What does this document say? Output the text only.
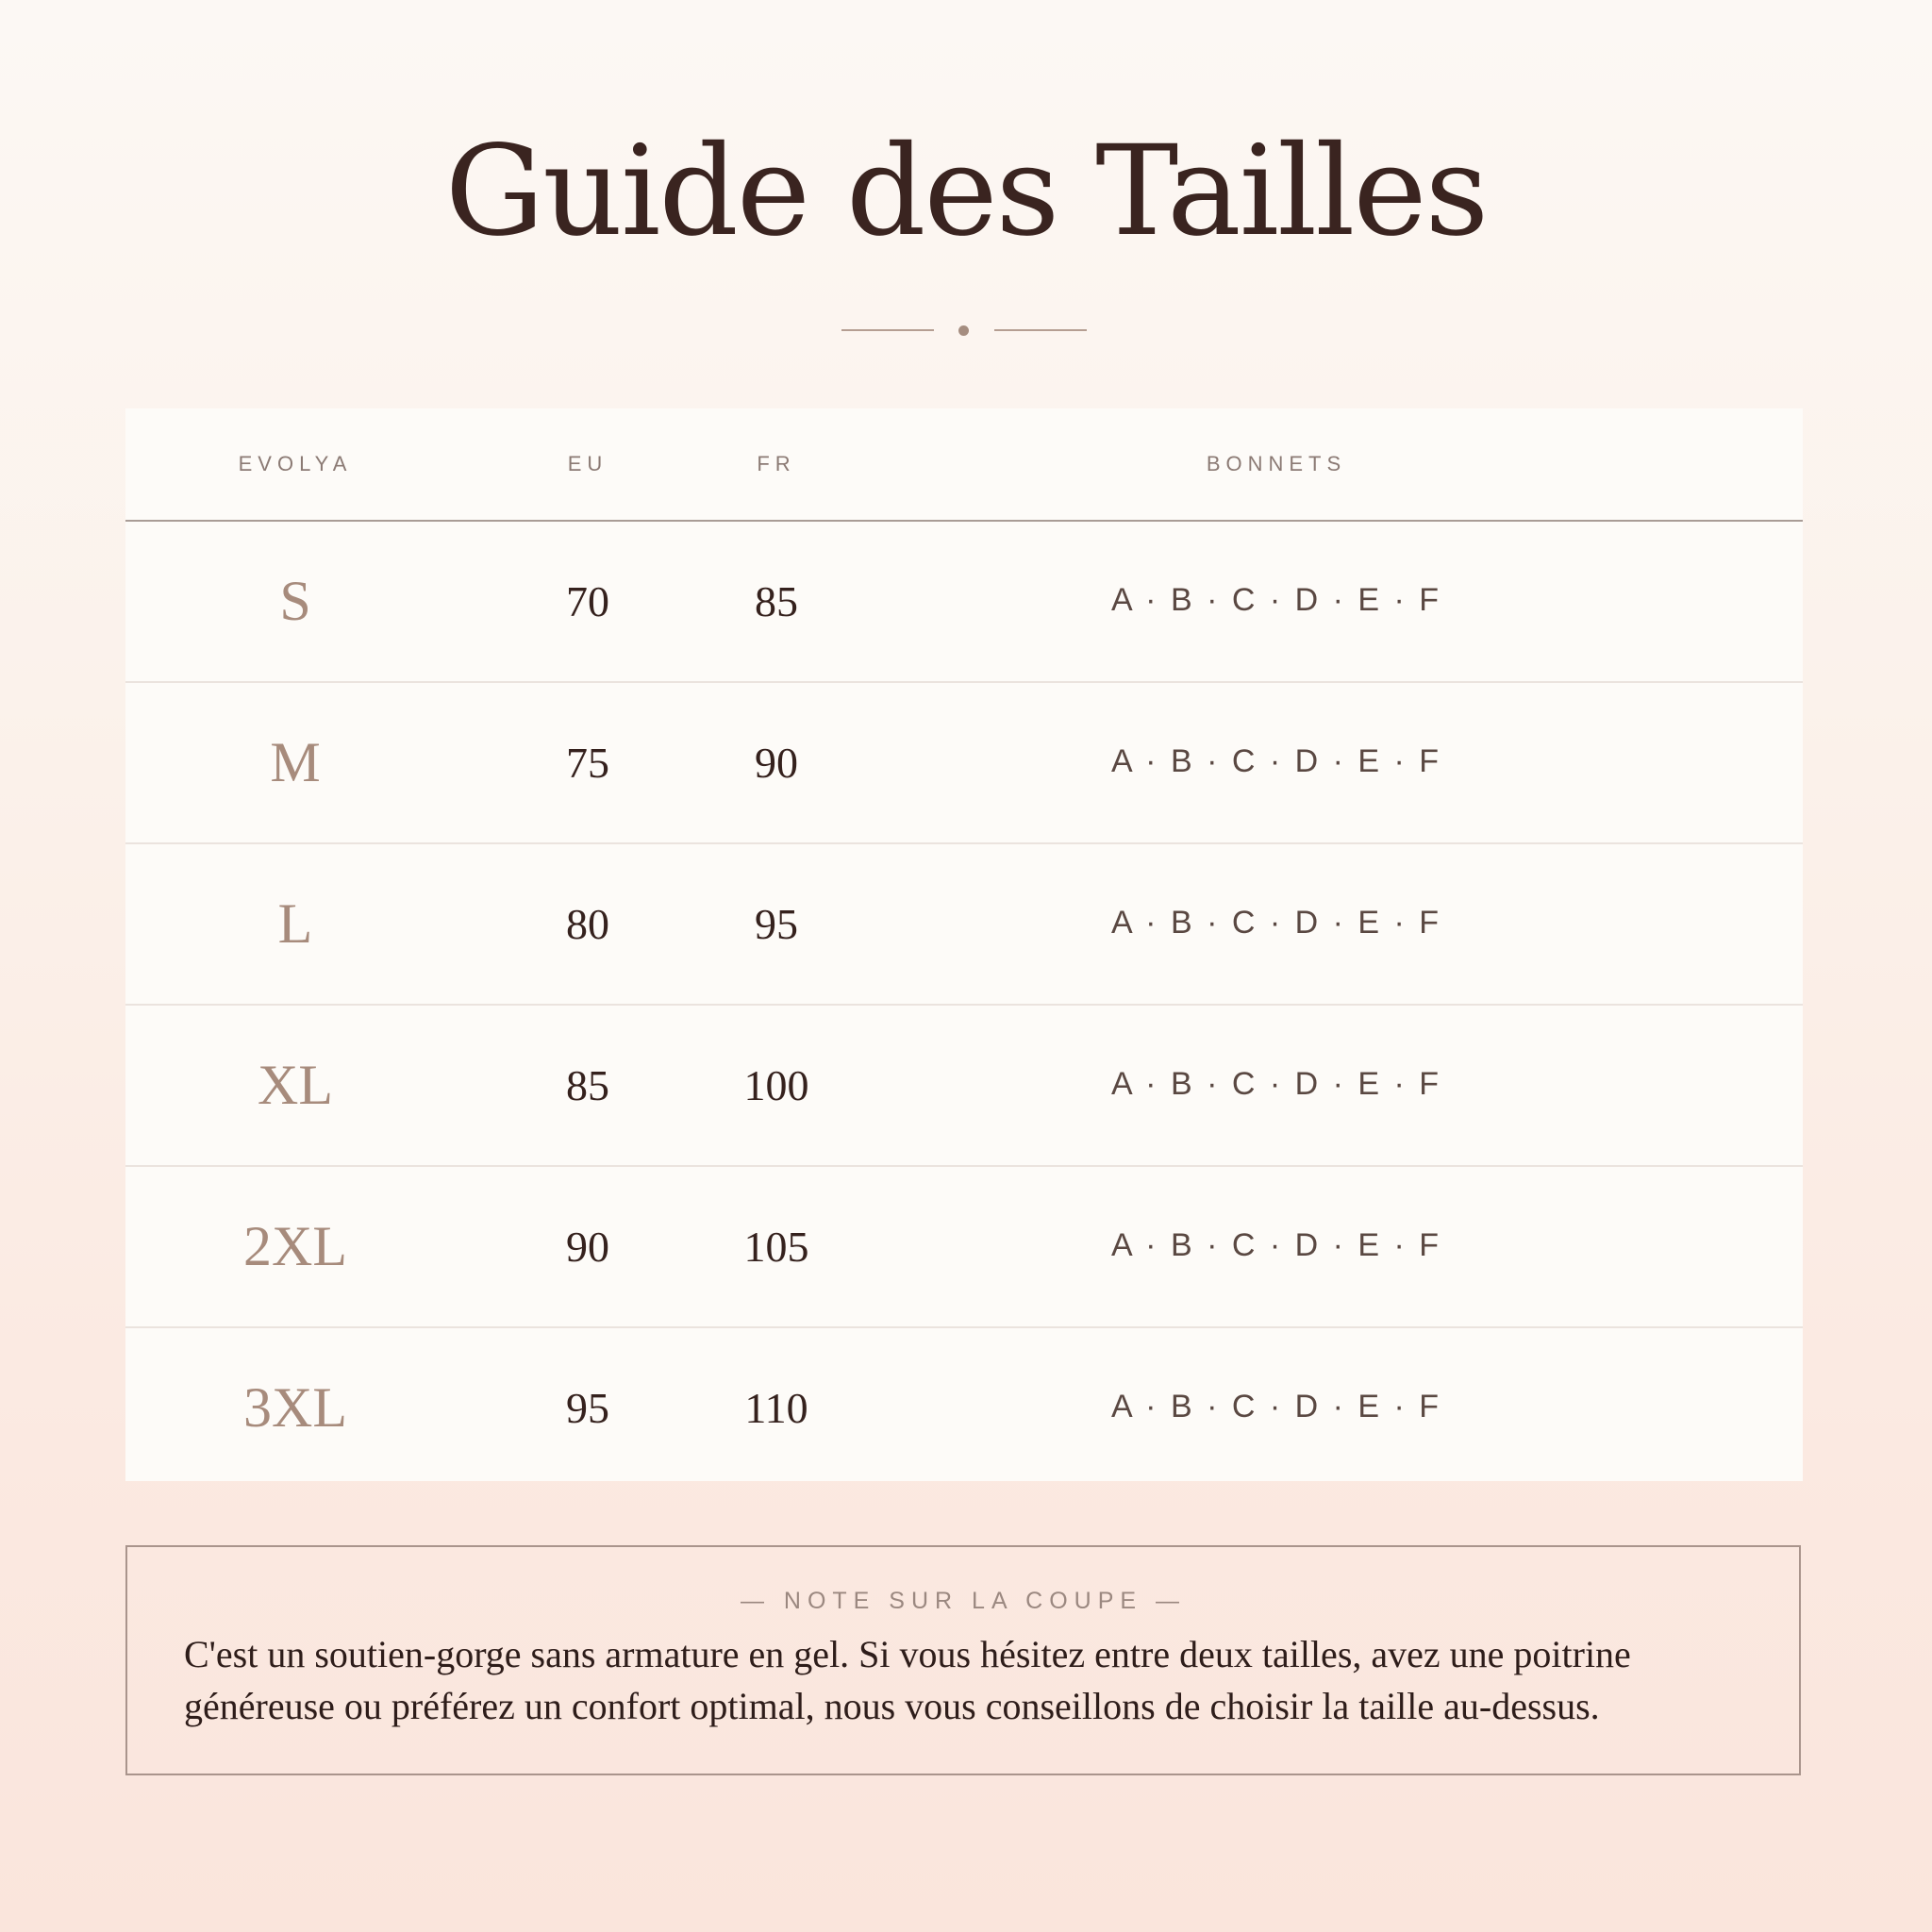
Guide des Tailles
EVOLYA	EU	FR	BONNETS
S	70	85	A · B · C · D · E · F
M	75	90	A · B · C · D · E · F
L	80	95	A · B · C · D · E · F
XL	85	100	A · B · C · D · E · F
2XL	90	105	A · B · C · D · E · F
3XL	95	110	A · B · C · D · E · F
— NOTE SUR LA COUPE —

C'est un soutien-gorge sans armature en gel. Si vous hésitez entre deux tailles, avez une poitrine généreuse ou préférez un confort optimal, nous vous conseillons de choisir la taille au-dessus.
